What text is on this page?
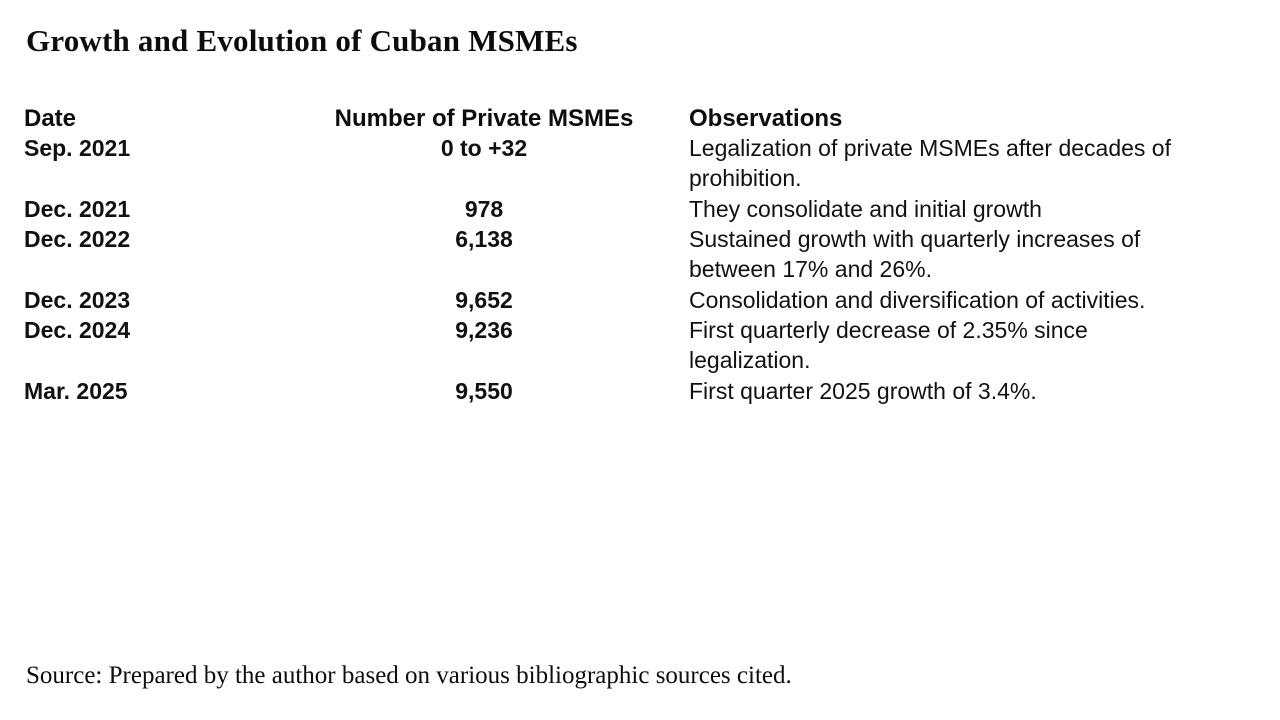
Growth and Evolution of Cuban MSMEs
Date	Number of Private MSMEs	Observations
Sep. 2021	0 to +32	Legalization of private MSMEs after decades of prohibition.
Dec. 2021	978	They consolidate and initial growth
Dec. 2022	6,138	Sustained growth with quarterly increases of between 17% and 26%.
Dec. 2023	9,652	Consolidation and diversification of activities.
Dec. 2024	9,236	First quarterly decrease of 2.35% since legalization.
Mar. 2025	9,550	First quarter 2025 growth of 3.4%.
Source: Prepared by the author based on various bibliographic sources cited.
